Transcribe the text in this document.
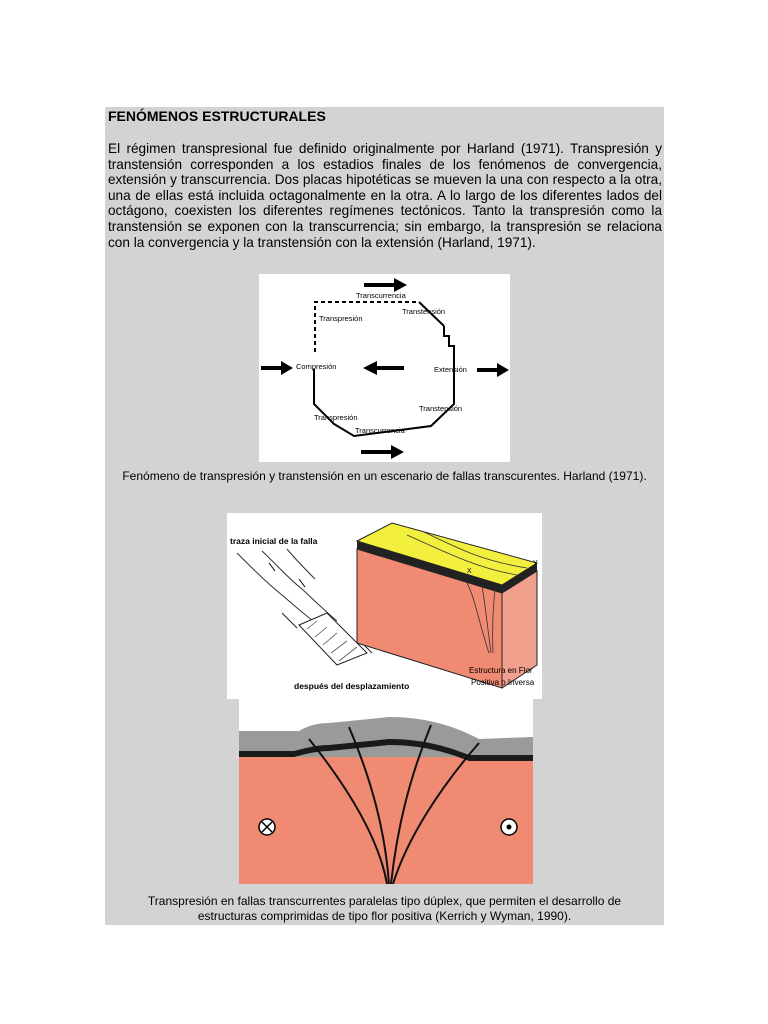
FENÓMENOS ESTRUCTURALES
El régimen transpresional fue definido originalmente por Harland (1971). Transpresión y transtensión corresponden a los estadios finales de los fenómenos de convergencia, extensión y transcurrencia. Dos placas hipotéticas se mueven la una con respecto a la otra, una de ellas está incluida octagonalmente en la otra. A lo largo de los diferentes lados del octágono, coexisten los diferentes regímenes tectónicos. Tanto la transpresión como la transtensión se exponen con la transcurrencia; sin embargo, la transpresión se relaciona con la convergencia y la transtensión con la extensión (Harland, 1971).
Transcurrencia
Transpresión
Transtensión
Compresión	Extensión
Transpresión
Transtensión
Transcurrencia
Fenómeno de transpresión y transtensión en un escenario de fallas transcurentes. Harland (1971).
traza inicial de la falla
después del desplazamiento
X
Y
Estructura en Flor
Positiva o Inversa
Transpresión en fallas transcurrentes paralelas tipo dúplex, que permiten el desarrollo de
estructuras comprimidas de tipo flor positiva (Kerrich y Wyman, 1990).
